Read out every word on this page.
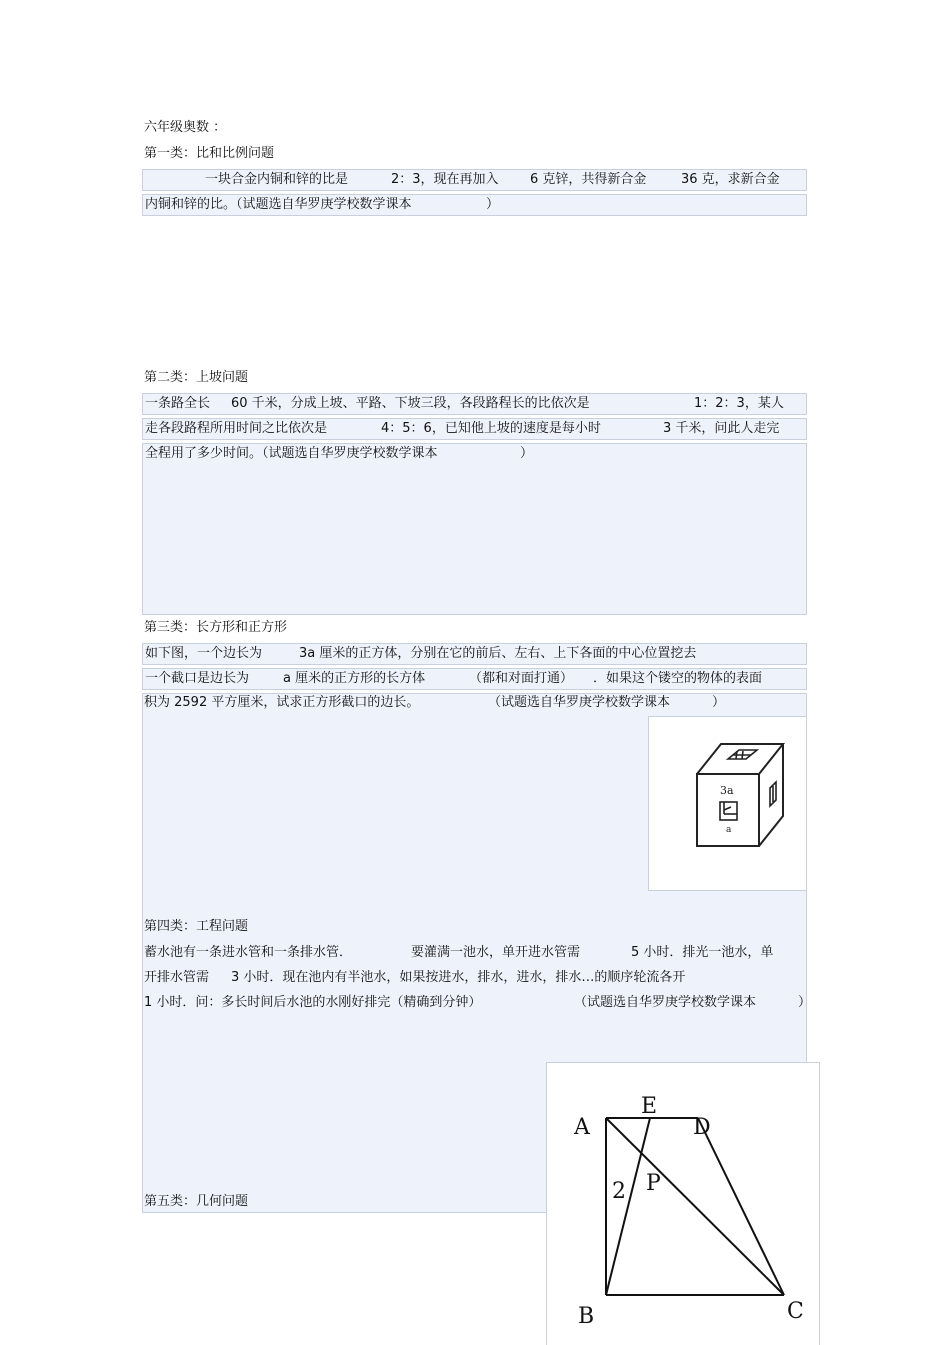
六年级奥数 ：
第一类：比和比例问题
一块合金内铜和锌的比是	2：3，现在再加入 6 克锌，共得新合金	36 克，求新合金
内铜和锌的比。（试题选自华罗庚学校数学课本	）
第二类：上坡问题
一条路全长 60 千米，分成上坡、平路、下坡三段，各段路程长的比依次是	1：2：3，某人
走各段路程所用时间之比依次是	4：5：6，已知他上坡的速度是每小时	3 千米，问此人走完
全程用了多少时间。（试题选自华罗庚学校数学课本	）
第三类：长方形和正方形
如下图，一个边长为	3a 厘米的正方体，分别在它的前后、左右、上下各面的中心位置挖去
一个截口是边长为	a 厘米的正方形的长方体	（都和对面打通） ．如果这个镂空的物体的表面
积为 2592 平方厘米，试求正方形截口的边长。	（试题选自华罗庚学校数学课本	）
3a
a
第四类：工程问题
蓄水池有一条进水管和一条排水管．	要灌满一池水，单开进水管需	5 小时．排光一池水，单
开排水管需 3 小时．现在池内有半池水，如果按进水，排水，进水，排水…的顺序轮流各开
1 小时．问：多长时间后水池的水刚好排完（精确到分钟）	（试题选自华罗庚学校数学课本	）
第五类：几何问题
A
E
D
P
2
B	C
